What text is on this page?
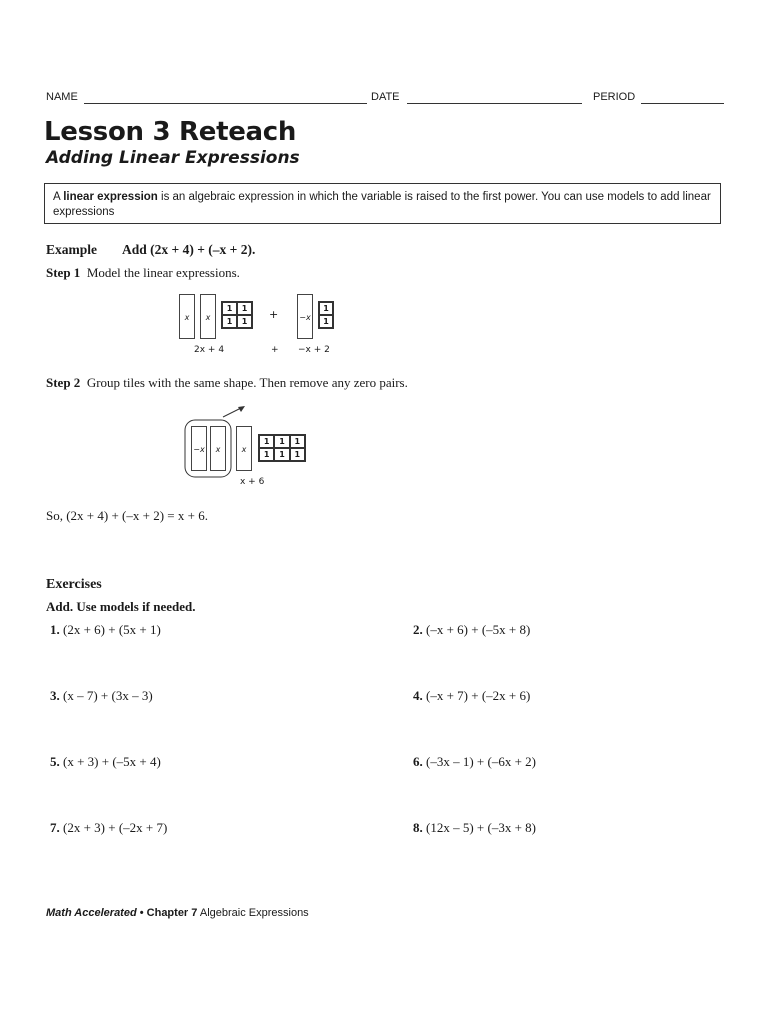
NAME	DATE	PERIOD
Lesson 3 Reteach
Adding Linear Expressions
A linear expression is an algebraic expression in which the variable is raised to the first power. You can use models to add linear expressions
Example Add (2x + 4) + (–x + 2).
Step 1 Model the linear expressions.
x	x
1	1
1	1
+	−x
1
1
2x + 4	+ −x + 2
Step 2 Group tiles with the same shape. Then remove any zero pairs.
−x	x	x
1	1	1
1	1	1
x + 6
So, (2x + 4) + (–x + 2) = x + 6.
Exercises
Add. Use models if needed.
1. (2x + 6) + (5x + 1)	2. (–x + 6) + (–5x + 8)
3. (x – 7) + (3x – 3)	4. (–x + 7) + (–2x + 6)
5. (x + 3) + (–5x + 4)	6. (–3x – 1) + (–6x + 2)
7. (2x + 3) + (–2x + 7)	8. (12x – 5) + (–3x + 8)
Math Accelerated • Chapter 7 Algebraic Expressions
